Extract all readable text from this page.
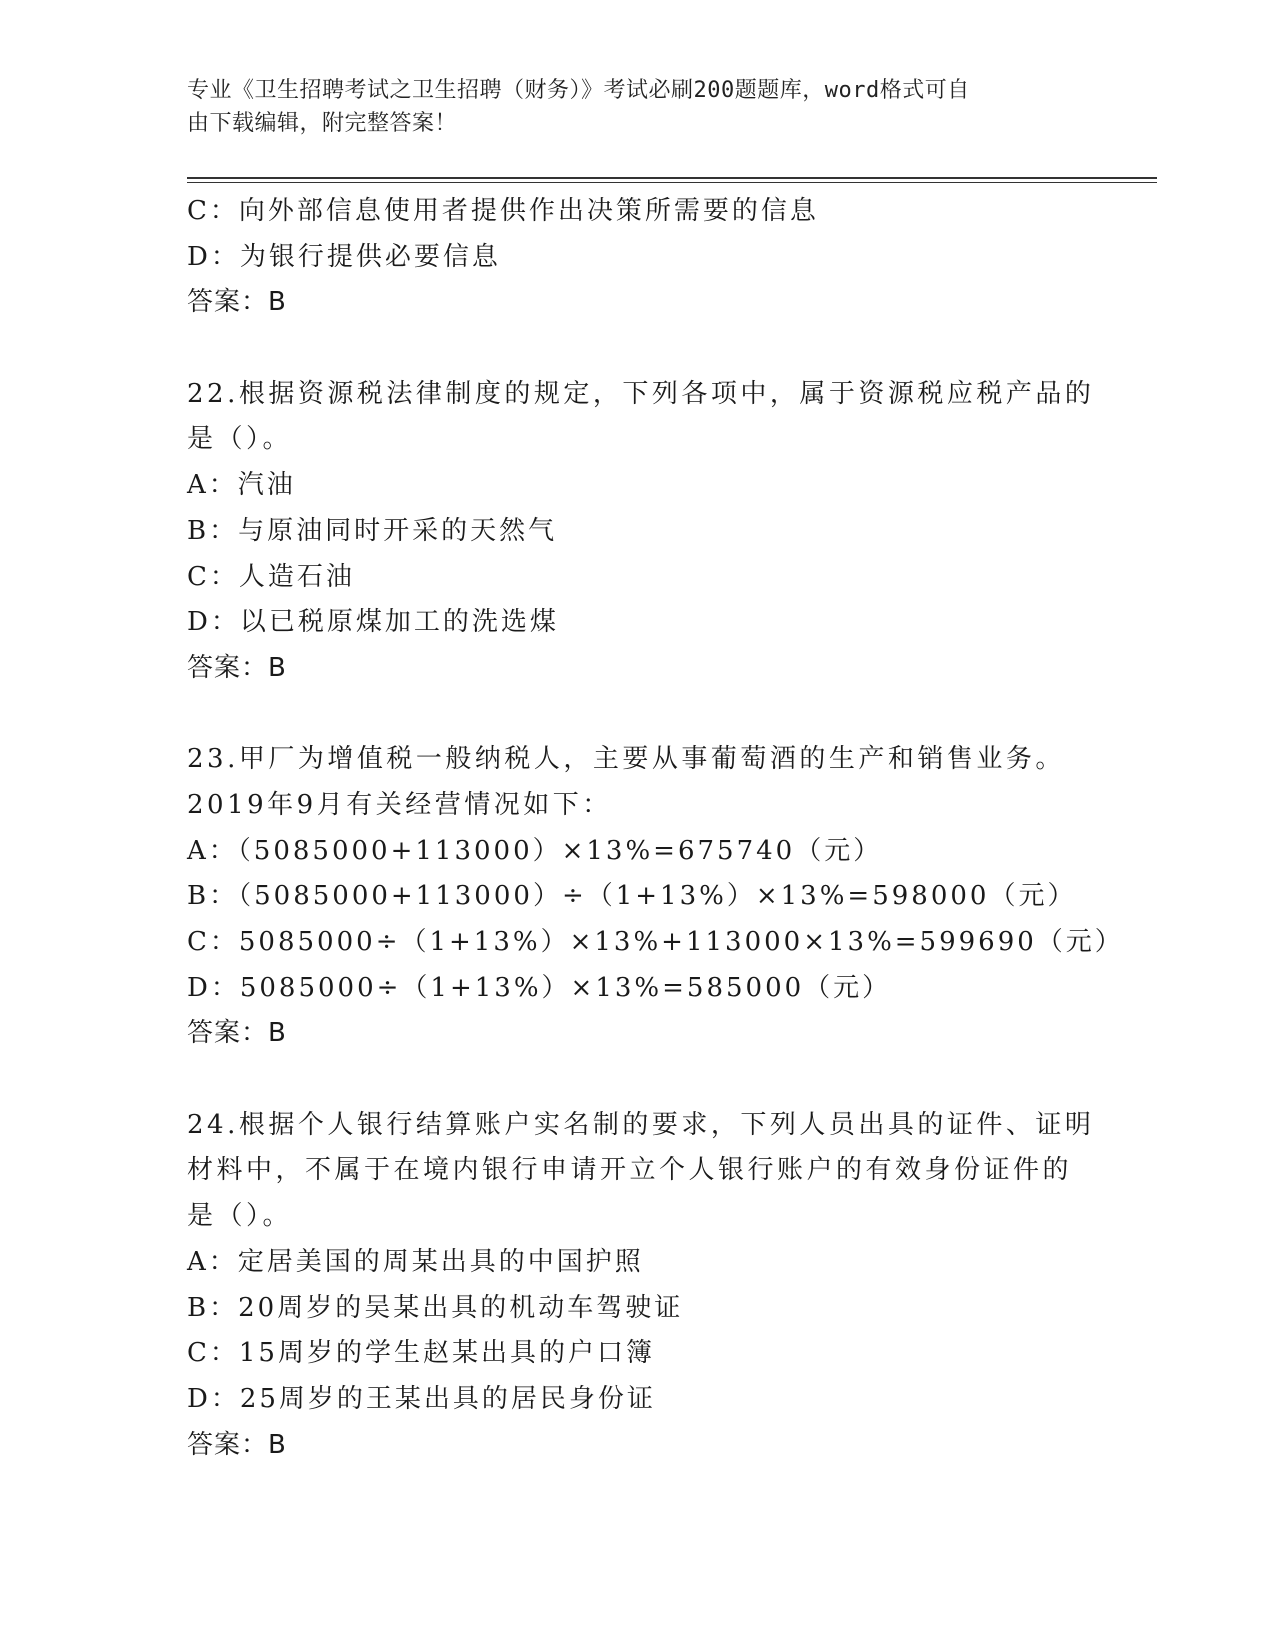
专业《卫生招聘考试之卫生招聘（财务）》考试必刷200题题库，word格式可自
由下载编辑，附完整答案！
C：向外部信息使用者提供作出决策所需要的信息
D：为银行提供必要信息
答案：B
22.根据资源税法律制度的规定，下列各项中，属于资源税应税产品的
是（）。
A：汽油
B：与原油同时开采的天然气
C：人造石油
D：以已税原煤加工的洗选煤
答案：B
23.甲厂为增值税一般纳税人，主要从事葡萄酒的生产和销售业务。
2019年9月有关经营情况如下：
A：（5085000+113000）×13%=675740（元）
B：（5085000+113000）÷（1+13%）×13%=598000（元）
C：5085000÷（1+13%）×13%+113000×13%=599690（元）
D：5085000÷（1+13%）×13%=585000（元）
答案：B
24.根据个人银行结算账户实名制的要求，下列人员出具的证件、证明
材料中，不属于在境内银行申请开立个人银行账户的有效身份证件的
是（）。
A：定居美国的周某出具的中国护照
B：20周岁的吴某出具的机动车驾驶证
C：15周岁的学生赵某出具的户口簿
D：25周岁的王某出具的居民身份证
答案：B
